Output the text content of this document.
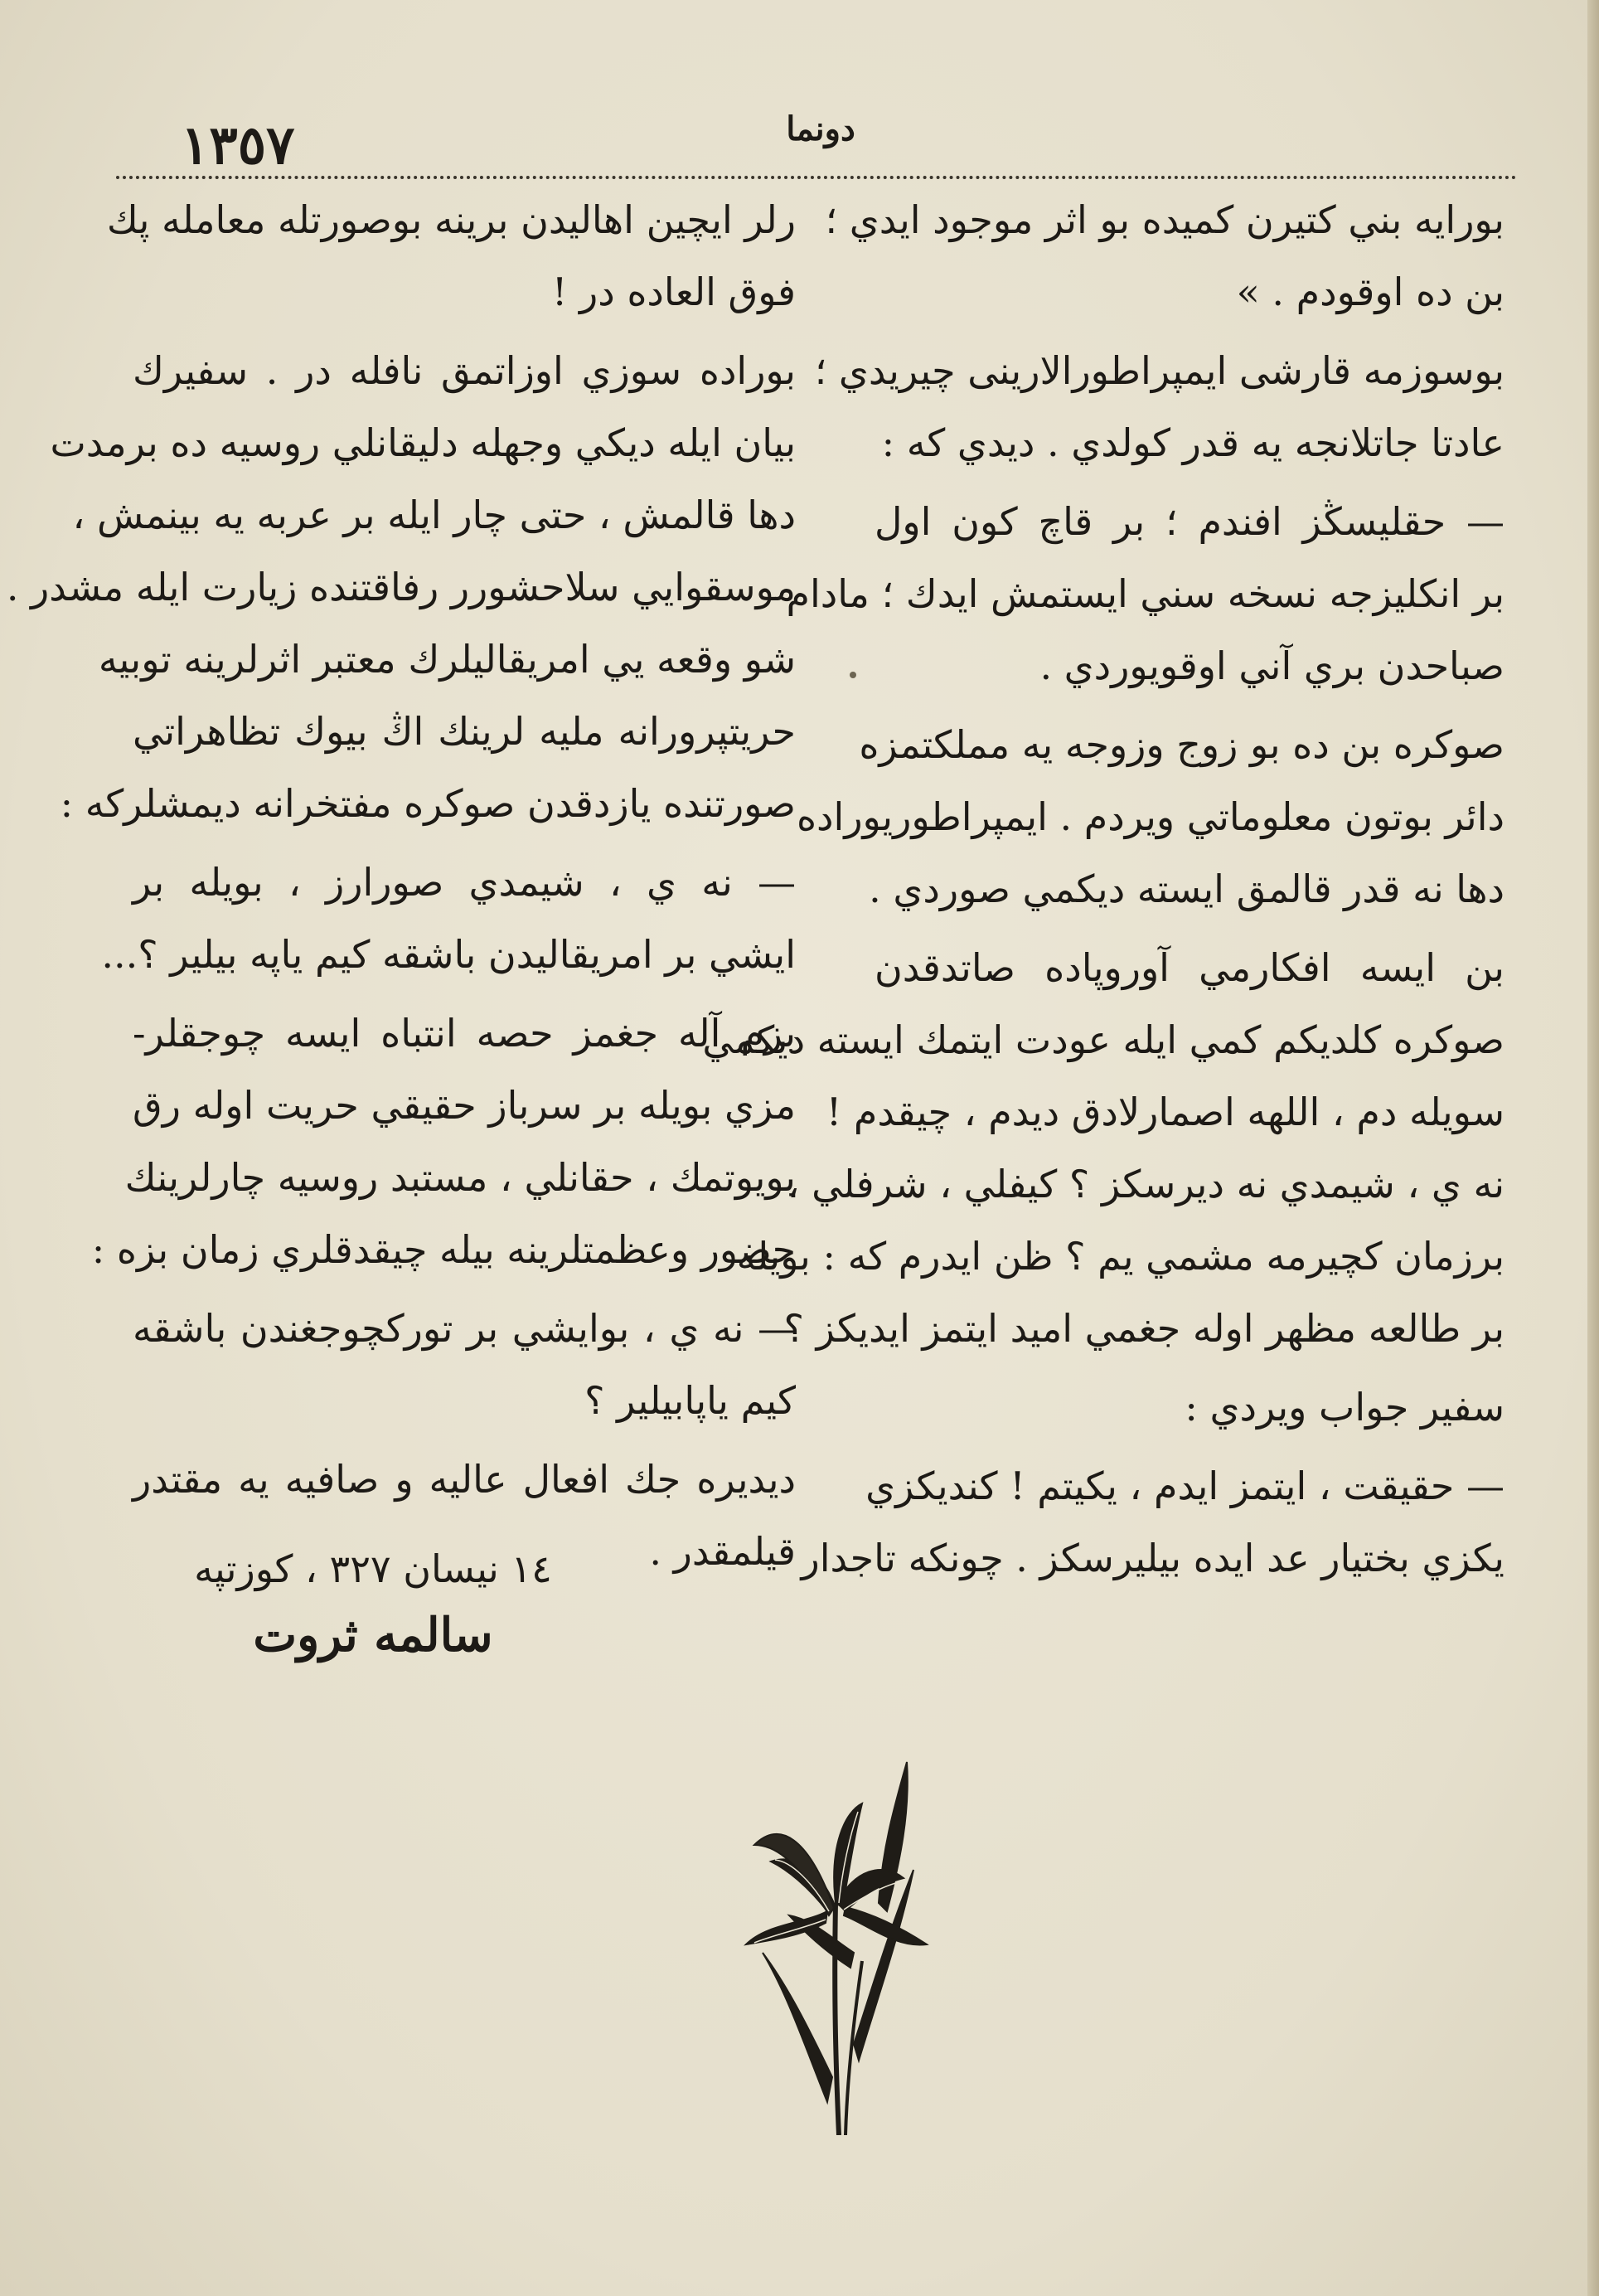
١٣٥٧	دونما
بورايه بني كتيرن كميده بو اثر موجود ايدي ؛
بن ده اوقودم . »
بوسوزمه قارشى ايمپراطورالارينى چيريدي ؛
عادتا جاتلانجه يه قدر كولدي . ديدي كه :
— حقليسڭز افندم ؛ بر قاچ كون اول
بر انكليزجه نسخه سني ايستمش ايدك ؛ مادام
صباحدن بري آني اوقويوردي .
صوكره بن ده بو زوج وزوجه يه مملكتمزه
دائر بوتون معلوماتي ويردم . ايمپراطوريوراده
دها نه قدر قالمق ايسته ديكمي صوردي .
بن ايسه افكارمي آوروپاده صاتدقدن
صوكره كلديكم كمي ايله عودت ايتمك ايسته ديكمي
سويله دم ، اللهه اصمارلادق ديدم ، چيقدم !
نه ي ، شيمدي نه ديرسكز ؟ كيفلي ، شرفلي ،
برزمان كچيرمه مشمي يم ؟ ظن ايدرم كه : بويله
بر طالعه مظهر اوله جغمي اميد ايتمز ايديكز ؟
سفير جواب ويردي :
— حقيقت ، ايتمز ايدم ، يكيتم ! كنديكزي
يكزي بختيار عد ايده بيليرسكز . چونكه تاجدار
رلر ايچين اهاليدن برينه بوصورتله معامله پك
فوق العاده در !
بوراده سوزي اوزاتمق نافله در . سفيرك
بيان ايله ديكي وجهله دليقانلي روسيه ده برمدت
دها قالمش ، حتى چار ايله بر عربه يه بينمش ،
موسقوايي سلاحشورر رفاقتنده زيارت ايله مشدر .
شو وقعه يي امريقاليلرك معتبر اثرلرينه توبيه
حريتپرورانه مليه لرينك اڭ بيوك تظاهراتي
صورتنده يازدقدن صوكره مفتخرانه ديمشلركه :
— نه ي ، شيمدي صورارز ، بويله بر
ايشي بر امريقاليدن باشقه كيم ياپه بيلير ؟...
بزم آله جغمز حصه انتباه ايسه چوجقلر-
مزي بويله بر سرباز حقيقي حريت اوله رق
بويوتمك ، حقانلي ، مستبد روسيه چارلرينك
حضور وعظمتلرينه بيله چيقدقلري زمان بزه :
— نه ي ، بوايشي بر توركچوجغندن باشقه
كيم ياپابيلير ؟
ديديره جك افعال عاليه و صافيه يه مقتدر
قيلمقدر .
١٤ نيسان ٣٢٧ ، كوزتپه
سالمه ثروت
